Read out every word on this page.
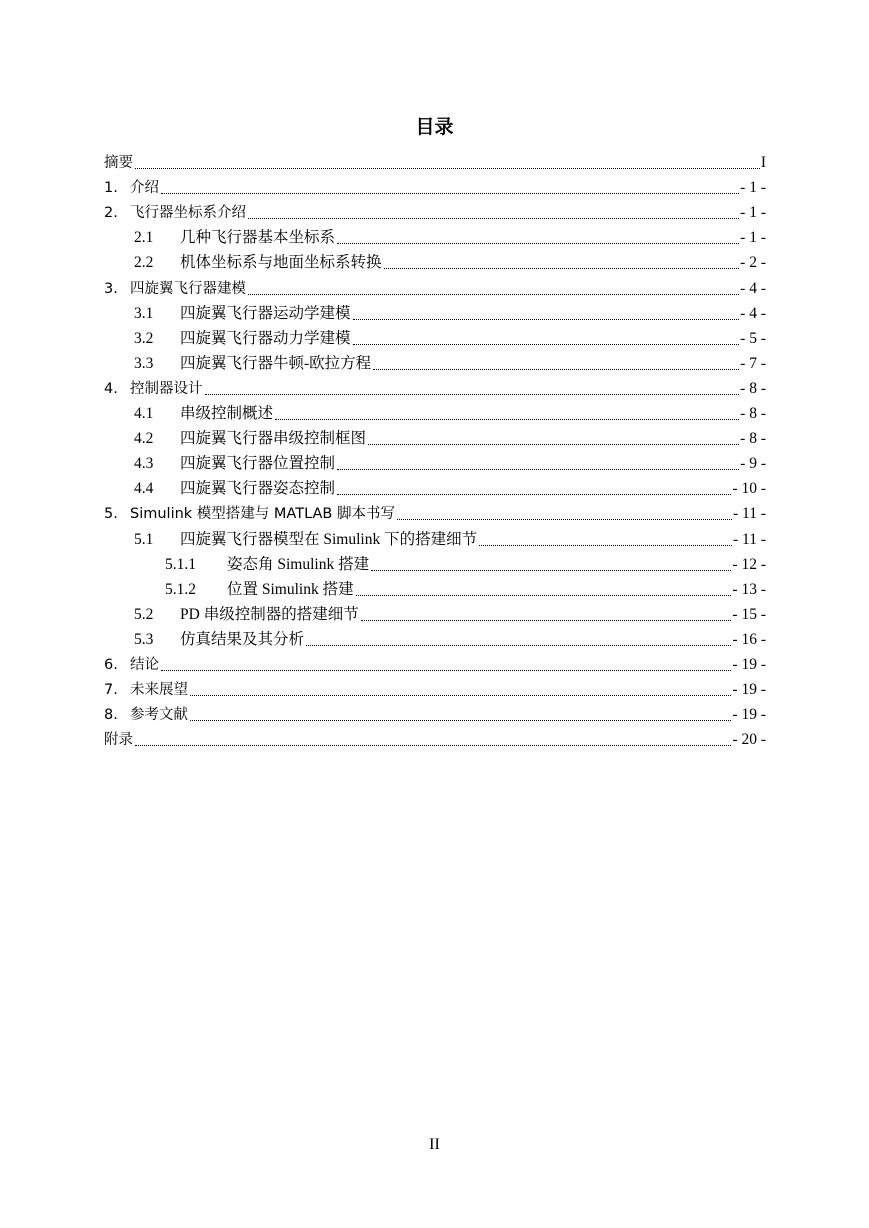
目录
摘要	I
1. 介绍	- 1 -
2. 飞行器坐标系介绍	- 1 -
2.1	几种飞行器基本坐标系	- 1 -
2.2	机体坐标系与地面坐标系转换	- 2 -
3. 四旋翼飞行器建模	- 4 -
3.1	四旋翼飞行器运动学建模	- 4 -
3.2	四旋翼飞行器动力学建模	- 5 -
3.3	四旋翼飞行器牛顿-欧拉方程	- 7 -
4. 控制器设计	- 8 -
4.1	串级控制概述	- 8 -
4.2	四旋翼飞行器串级控制框图	- 8 -
4.3	四旋翼飞行器位置控制	- 9 -
4.4	四旋翼飞行器姿态控制	- 10 -
5. Simulink 模型搭建与 MATLAB 脚本书写	- 11 -
5.1	四旋翼飞行器模型在 Simulink 下的搭建细节	- 11 -
5.1.1	姿态角 Simulink 搭建	- 12 -
5.1.2	位置 Simulink 搭建	- 13 -
5.2	PD 串级控制器的搭建细节	- 15 -
5.3	仿真结果及其分析	- 16 -
6. 结论	- 19 -
7. 未来展望	- 19 -
8. 参考文献	- 19 -
附录	- 20 -
II
